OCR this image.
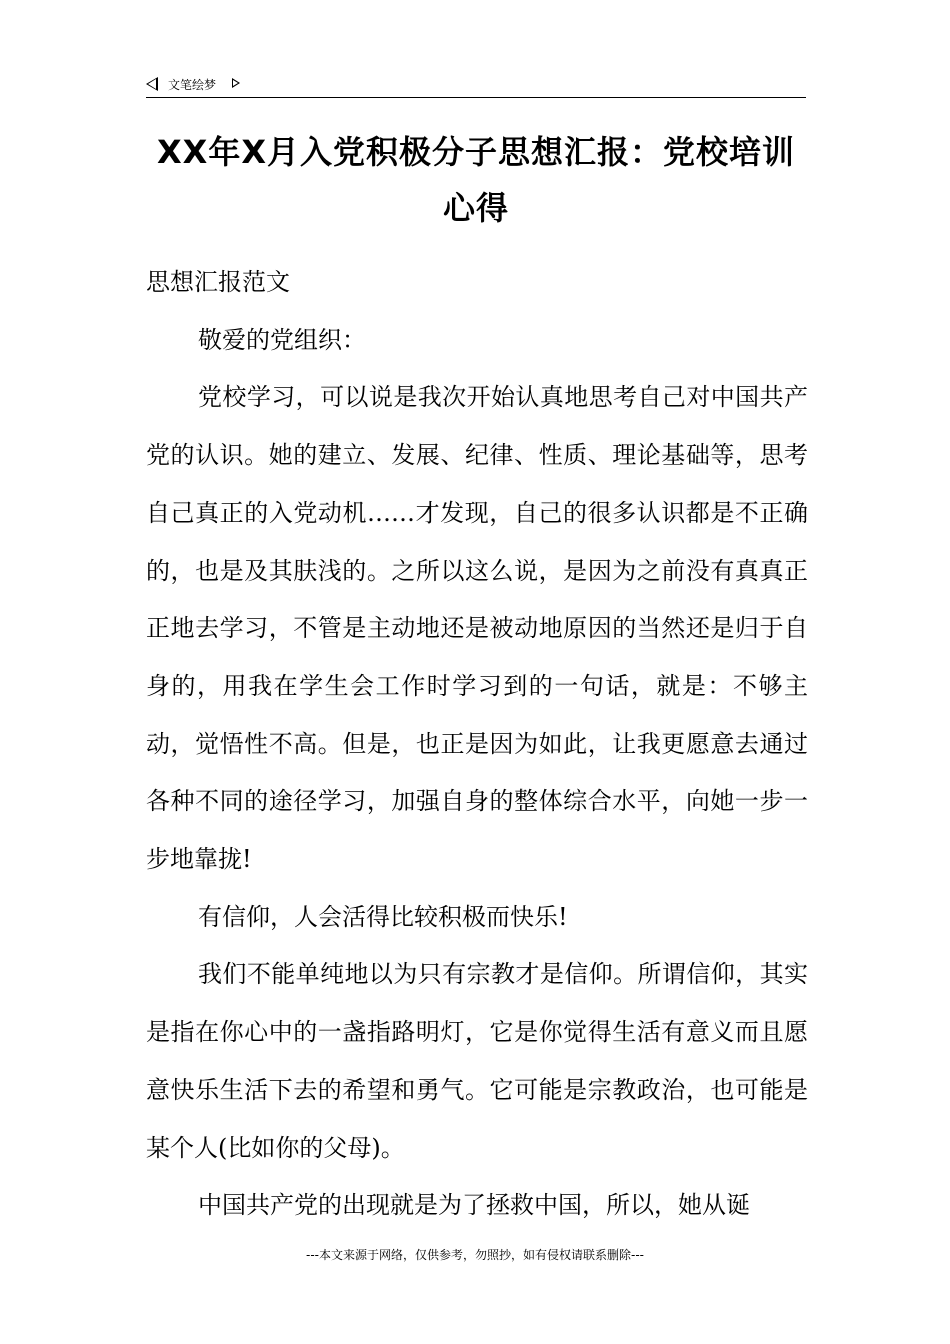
文笔绘梦
XX年X月入党积极分子思想汇报：党校培训心得

思想汇报范文

敬爱的党组织：

党校学习，可以说是我次开始认真地思考自己对中国共产党的认识。她的建立、发展、纪律、性质、理论基础等，思考自己真正的入党动机……才发现，自己的很多认识都是不正确的，也是及其肤浅的。之所以这么说，是因为之前没有真真正正地去学习，不管是主动地还是被动地原因的当然还是归于自身的，用我在学生会工作时学习到的一句话，就是：不够主动，觉悟性不高。但是，也正是因为如此，让我更愿意去通过各种不同的途径学习，加强自身的整体综合水平，向她一步一步地靠拢!

有信仰，人会活得比较积极而快乐!

我们不能单纯地以为只有宗教才是信仰。所谓信仰，其实是指在你心中的一盏指路明灯，它是你觉得生活有意义而且愿意快乐生活下去的希望和勇气。它可能是宗教政治，也可能是某个人(比如你的父母)。

中国共产党的出现就是为了拯救中国，所以，她从诞

---本文来源于网络，仅供参考，勿照抄，如有侵权请联系删除---
